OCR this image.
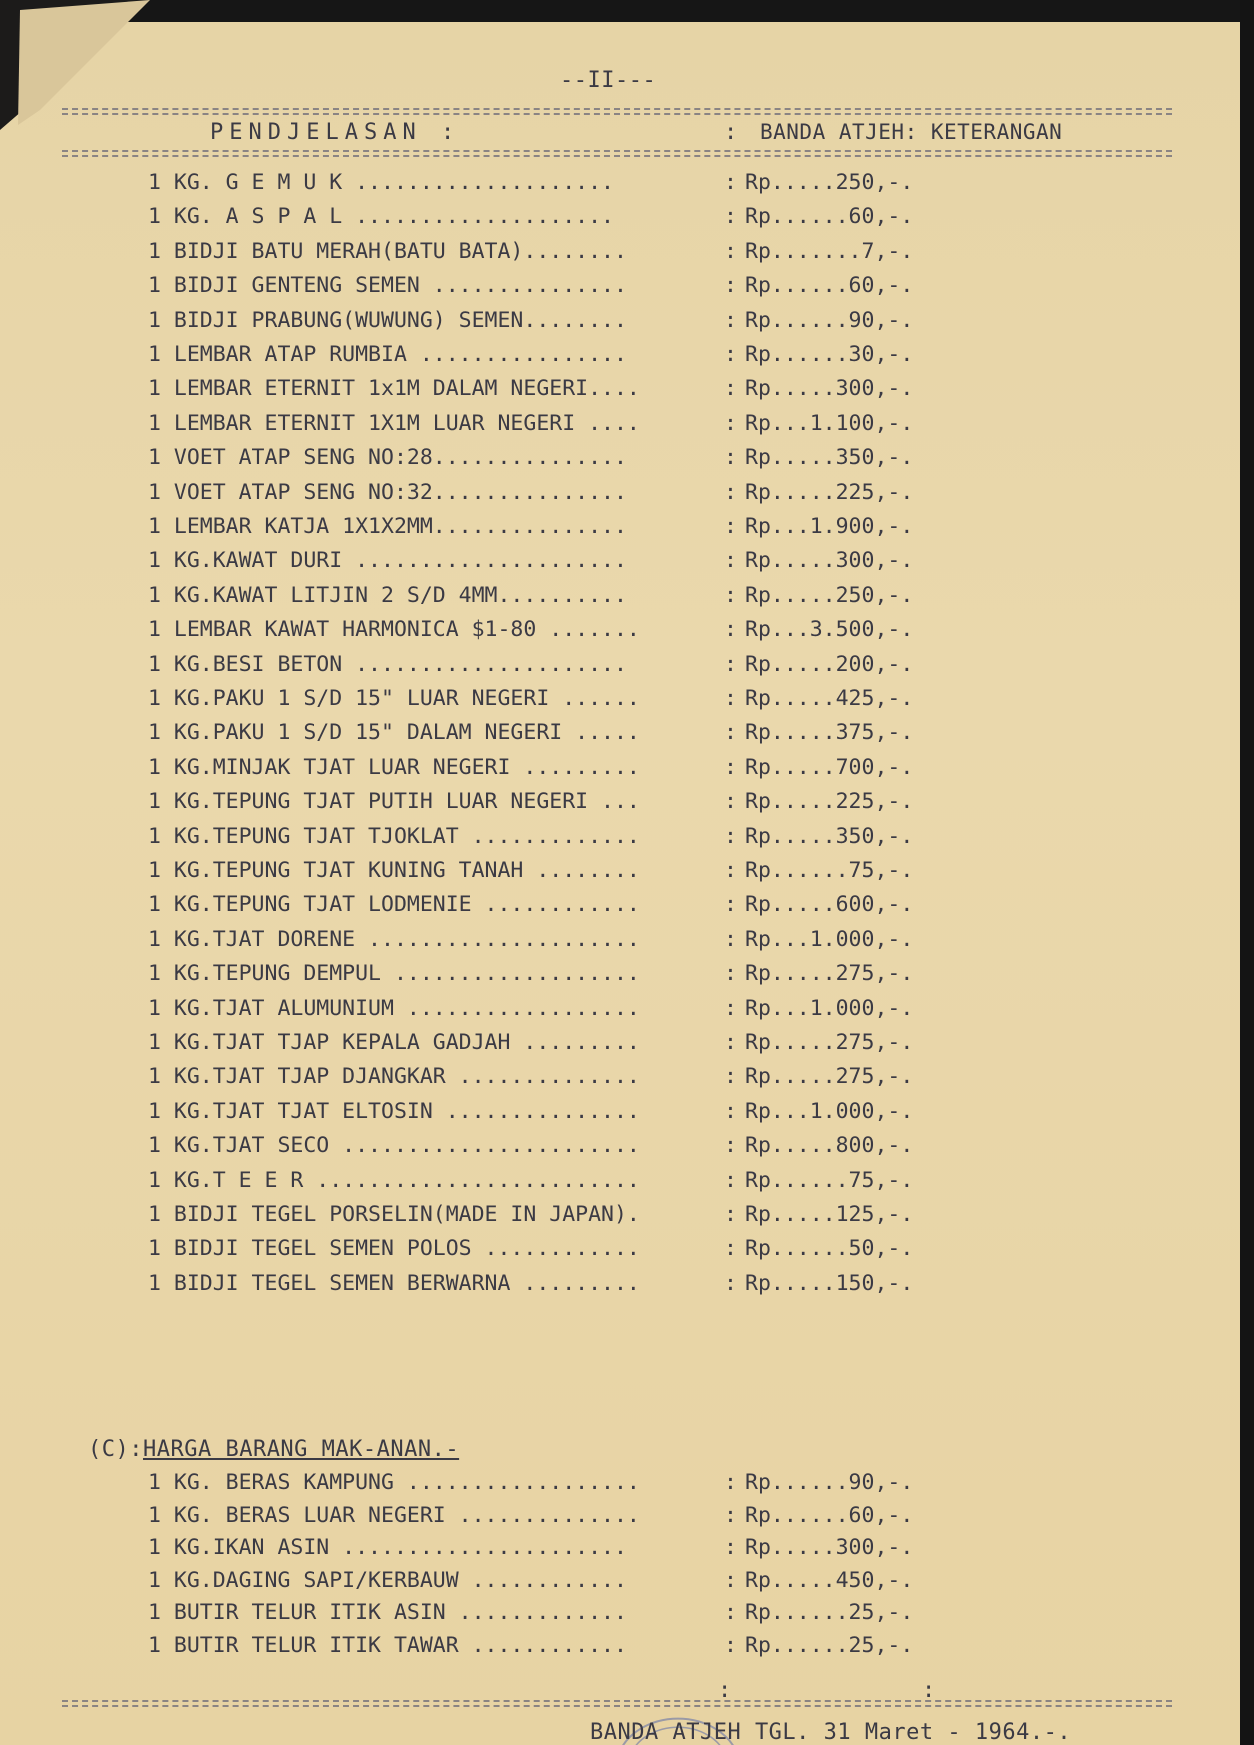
--II---
PENDJELASAN :	: BANDA ATJEH: KETERANGAN
1 KG. G E M U K ....................	: Rp.....250,-.
1 KG. A S P A L ....................	: Rp......60,-.
1 BIDJI BATU MERAH(BATU BATA)........	: Rp.......7,-.
1 BIDJI GENTENG SEMEN ...............	: Rp......60,-.
1 BIDJI PRABUNG(WUWUNG) SEMEN........	: Rp......90,-.
1 LEMBAR ATAP RUMBIA ................	: Rp......30,-.
1 LEMBAR ETERNIT 1x1M DALAM NEGERI....	: Rp.....300,-.
1 LEMBAR ETERNIT 1X1M LUAR NEGERI ....	: Rp...1.100,-.
1 VOET ATAP SENG NO:28...............	: Rp.....350,-.
1 VOET ATAP SENG NO:32...............	: Rp.....225,-.
1 LEMBAR KATJA 1X1X2MM...............	: Rp...1.900,-.
1 KG.KAWAT DURI .....................	: Rp.....300,-.
1 KG.KAWAT LITJIN 2 S/D 4MM..........	: Rp.....250,-.
1 LEMBAR KAWAT HARMONICA $1-80 .......	: Rp...3.500,-.
1 KG.BESI BETON .....................	: Rp.....200,-.
1 KG.PAKU 1 S/D 15" LUAR NEGERI ......	: Rp.....425,-.
1 KG.PAKU 1 S/D 15" DALAM NEGERI .....	: Rp.....375,-.
1 KG.MINJAK TJAT LUAR NEGERI .........	: Rp.....700,-.
1 KG.TEPUNG TJAT PUTIH LUAR NEGERI ...	: Rp.....225,-.
1 KG.TEPUNG TJAT TJOKLAT .............	: Rp.....350,-.
1 KG.TEPUNG TJAT KUNING TANAH ........	: Rp......75,-.
1 KG.TEPUNG TJAT LODMENIE ............	: Rp.....600,-.
1 KG.TJAT DORENE .....................	: Rp...1.000,-.
1 KG.TEPUNG DEMPUL ...................	: Rp.....275,-.
1 KG.TJAT ALUMUNIUM ..................	: Rp...1.000,-.
1 KG.TJAT TJAP KEPALA GADJAH .........	: Rp.....275,-.
1 KG.TJAT TJAP DJANGKAR ..............	: Rp.....275,-.
1 KG.TJAT TJAT ELTOSIN ...............	: Rp...1.000,-.
1 KG.TJAT SECO .......................	: Rp.....800,-.
1 KG.T E E R .........................	: Rp......75,-.
1 BIDJI TEGEL PORSELIN(MADE IN JAPAN).	: Rp.....125,-.
1 BIDJI TEGEL SEMEN POLOS ............	: Rp......50,-.
1 BIDJI TEGEL SEMEN BERWARNA .........	: Rp.....150,-.
(C):HARGA BARANG MAK-ANAN.-
1 KG. BERAS KAMPUNG ..................	: Rp......90,-.
1 KG. BERAS LUAR NEGERI ..............	: Rp......60,-.
1 KG.IKAN ASIN ......................	: Rp.....300,-.
1 KG.DAGING SAPI/KERBAUW ............	: Rp.....450,-.
1 BUTIR TELUR ITIK ASIN .............	: Rp......25,-.
1 BUTIR TELUR ITIK TAWAR ............	: Rp......25,-.
:	:
BANDA ATJEH TGL. 31 Maret - 1964.-.
